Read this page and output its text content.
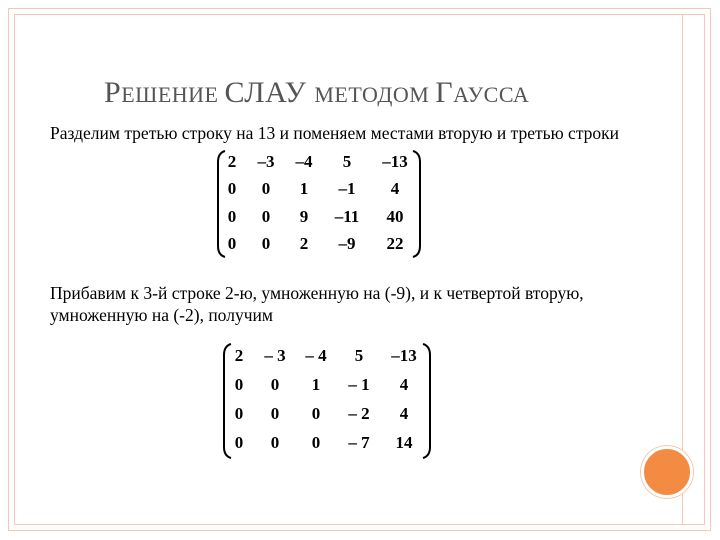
РЕШЕНИЕ СЛАУ МЕТОДОМ ГАУССА
Разделим третью строку на 13 и поменяем местами вторую и третью строки
2	–3	–4	5	–13
0	0	1	–1	4
0	0	9	–11	40
0	0	2	–9	22
Прибавим к 3-й строке 2-ю, умноженную на (-9), и к четвертой вторую, умноженную на (-2), получим
2	– 3	– 4	5	–13
0	0	1	– 1	4
0	0	0	– 2	4
0	0	0	– 7	14
